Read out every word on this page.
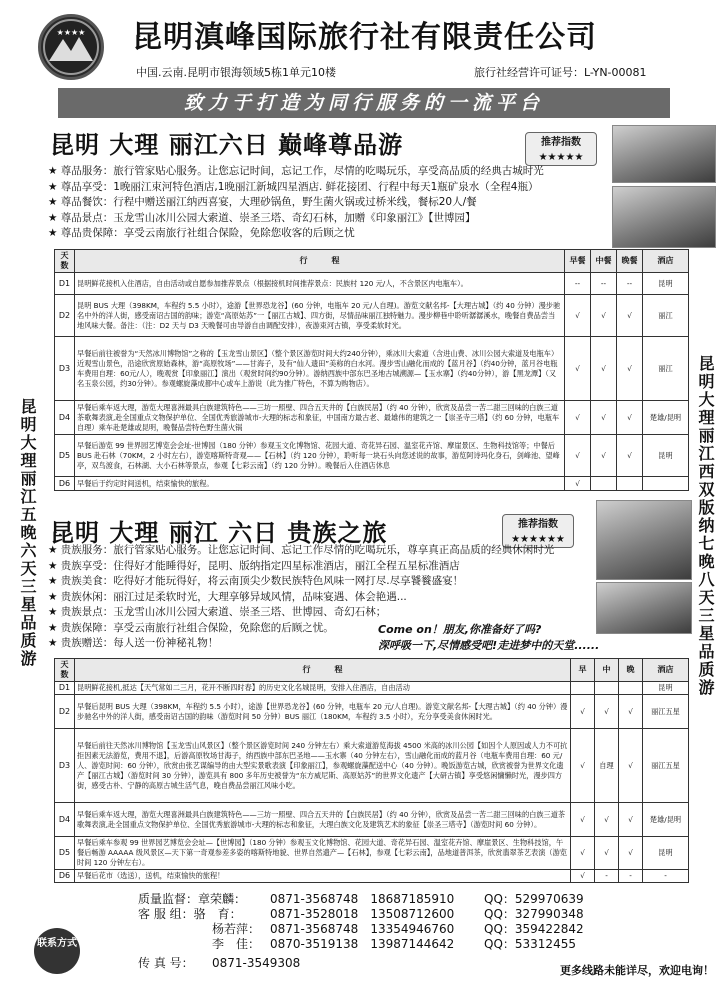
★★★★ 昆明滇峰国际旅行社有限责任公司
中国.云南.昆明市银海领域5栋1单元10楼	旅行社经营许可证号：L-YN-00081
致力于打造为同行服务的一流平台
昆明 大理 丽江六日 巅峰尊品游	推荐指数
★★★★★
★ 尊品服务：旅行管家贴心服务。让您忘记时间，忘记工作，尽情的吃喝玩乐，享受高品质的经典古城时光
★ 尊品享受：1晚丽江束河特色酒店,1晚丽江新城四星酒店. 鲜花接团、行程中每天1瓶矿泉水（全程4瓶）
★ 尊品餐饮：行程中赠送丽江纳西喜宴，大理砂锅鱼，野生菌火锅或过桥米线，餐标20人/餐
★ 尊品景点：玉龙雪山冰川公园大索道、崇圣三塔、奇幻石林，加赠《印象丽江》【世博园】
★ 尊品贵保障：享受云南旅行社组合保险，免除您收客的后顾之忧
天数	行　　　程	早餐	中餐	晚餐	酒店
D1	昆明鲜花接机入住酒店，自由活动或自愿参加推荐景点（根据接机时间推荐景点：民族村 120 元/人，不含景区内电瓶车）。	--	--	--	昆明
D2	昆明 BUS 大理（398KM，车程约 5.5 小时），途游【世界恐龙谷】(60 分钟，电瓶车 20 元/人自理)。游览文献名邦-【大理古城】（约 40 分钟）漫步驰名中外的洋人街，感受南诏古国的韵味；游览“高原姑苏”一【丽江古城】、四方街，尽情品味丽江独特魅力。漫步柳巷中聆听潺潺溪水，晚餐自费品尝当地风味大餐。备注：（注：D2 天与 D3 天晚餐可由导游自由调配安排），夜游束河古镇，享受柔软时光。	√	√	√	丽江
D3	早餐后前往被誉为“天然冰川博物馆”之称的【玉龙雪山景区】（整个景区游览时间大约240分钟），乘冰川大索道（含进山费、冰川公园大索道及电瓶车）近观雪山景色，沿途欣赏原始森林，游“高原牧场”——甘海子，及有“仙人遗田”美称的白水河。漫步雪山融化而成的【蓝月谷】（约40分钟，蓝月谷电瓶车费用自理：60元/人），晚观赏【印象丽江】演出（观赏时间约90分钟）。游纳西族中部东巴圣地古城溯源—【玉水寨】（约40分钟），游【黑龙潭】（又名玉泉公园，约30分钟）。参观螺旋藻成都中心或车上游说（此为推广特色，不算为购物店）。	√	√	√	丽江
D4	早餐后乘车返大理，游览大理喜洲最具白族建筑特色——三坊一照壁、四合五天井的【白族民居】（约 40 分钟），欣赏及品尝一苦二甜三回味的白族三道茶歌舞表演,赴全国重点文物保护单位、全国优秀旅游城市-大理的标志和象征，中国南方最古老、最雄伟的建筑之一【崇圣寺三塔】（约 60 分钟，电瓶车自理）乘车赴楚雄或昆明，晚餐品尝特色野生菌火锅	√	√	√	楚雄/昆明
D5	早餐后游览 99 世界园艺博览会会址-世博园（180 分钟）参观玉文化博物馆、花园大道、奇花异石园、温室花卉馆、摩崖景区、生物科技馆等；中餐后 BUS 赴石林（70KM，2 小时左右），游览喀斯特奇观——【石林】（约 120 分钟），聆听每一块石头向您述说的故事，游览阿诗玛化身石，剑峰池、望峰亭，双鸟渡食，石林湖、大小石林等景点，参观【七彩云南】（约 120 分钟）。晚餐后入住酒店休息	√	√	√	昆明
D6	早餐后于约定时间送机，结束愉快的旅程。	√			
昆明大理丽江五晚六天三星品质游	昆明大理丽江西双版纳七晚八天三星品质游
昆明 大理 丽江 六日 贵族之旅	推荐指数
★★★★★★
★ 贵族服务：旅行管家贴心服务。让您忘记时间、忘记工作尽情的吃喝玩乐，尊享真正高品质的经典休闲时光
★ 贵族享受：住得好才能睡得好，昆明、版纳指定四星标准酒店，丽江全程五星标准酒店
★ 贵族美食：吃得好才能玩得好，将云南顶尖少数民族特色风味一网打尽.尽享饕餮盛宴！
★ 贵族休闲：丽江过足柔软时光，大理享够异域风情，品味宴遇、体会艳遇...
★ 贵族景点：玉龙雪山冰川公园大索道、崇圣三塔、世博园、奇幻石林；
★ 贵族保障：享受云南旅行社组合保险，免除您的后顾之忧。
★ 贵族赠送：每人送一份神秘礼物！
Come on！朋友,你准备好了吗?
深呼吸一下,尽情感受吧!走进梦中的天堂......
天数	行　　　程	早	中	晚	酒店
D1	昆明鲜花接机,抵达【天气常如二三月，花开不断四时春】的历史文化名城昆明，安排入住酒店，自由活动				昆明
D2	早餐后昆明 BUS 大理（398KM，车程约 5.5 小时），途游【世界恐龙谷】(60 分钟，电瓶车 20 元/人自理)。游览文献名邦-【大理古城】（约 40 分钟）漫步驰名中外的洋人街，感受南诏古国的韵味（游览时间 50 分钟）BUS 丽江（180KM，车程约 3.5 小时），充分享受美食休闲时光。	√	√	√	丽江五星
D3	早餐后前往天然冰川博物馆【玉龙雪山风景区】（整个景区游览时间 240 分钟左右）乘大索道游览海拔 4500 米高的冰川公园【如因个人原因或人力不可抗拒因素无法游览，费用不退】，后游高原牧场甘海子，纳西族中部东巴圣地——玉水寨（40 分钟左右），雪山融化而成的蓝月谷（电瓶车费用自理：60 元/人、游览时间：60 分钟），欣赏由张艺谋编导的由大型实景歌表演【印象丽江】，参观螺旋藻配送中心（40 分钟）。晚饭游览古城，欣赏被誉为世界文化遗产【丽江古城】（游览时间 30 分钟），游览具有 800 多年历史被誉为“东方威尼斯、高原姑苏”的世界文化遗产【大研古镇】享受悠闲慵懒时光，漫步四方街，感受古朴、宁静的高原古城生活气息，晚自费品尝丽江风味小吃。	√	自理	√	丽江五星
D4	早餐后乘车返大理，游览大理喜洲最具白族建筑特色——三坊一照壁、四合五天井的【白族民居】（约 40 分钟），欣赏及品尝一苦二甜三回味的白族三道茶歌舞表演,赴全国重点文物保护单位、全国优秀旅游城市-大理的标志和象征，大理白族文化及建筑艺术的象征【崇圣三塔寺】（游览时间 60 分钟）。	√	√	√	楚雄/昆明
D5	早餐后乘车参观 99 世界园艺博览会会址—【世博园】（180 分钟）参观玉文化博物馆、花园大道、奇花异石园、温室花卉馆、摩崖景区、生物科技馆，午餐后畅游 AAAAA 级风景区—天下第一奇观参差多姿的喀斯特地貌、世界自然遗产—【石林】，参观【七彩云南】，品地道普洱茶，欣赏翡翠茶艺表演（游览时间 120 分钟左右）。	√	√	√	昆明
D6	早餐后花市（选送），送机，结束愉快的旅程！	√	-	-	-
联系方式
质量监督：章荣麟： 0871-3568748　18687185910 QQ：529970639
客 服 组：骆　育： 0871-3528018　13508712600 QQ：327990348
杨若萍： 0871-3568748　13354946760 QQ：359422842
李　佳： 0870-3519138　13987144642 QQ：53312455
传 真 号： 0871-3549308
更多线路未能详尽，欢迎电询！
